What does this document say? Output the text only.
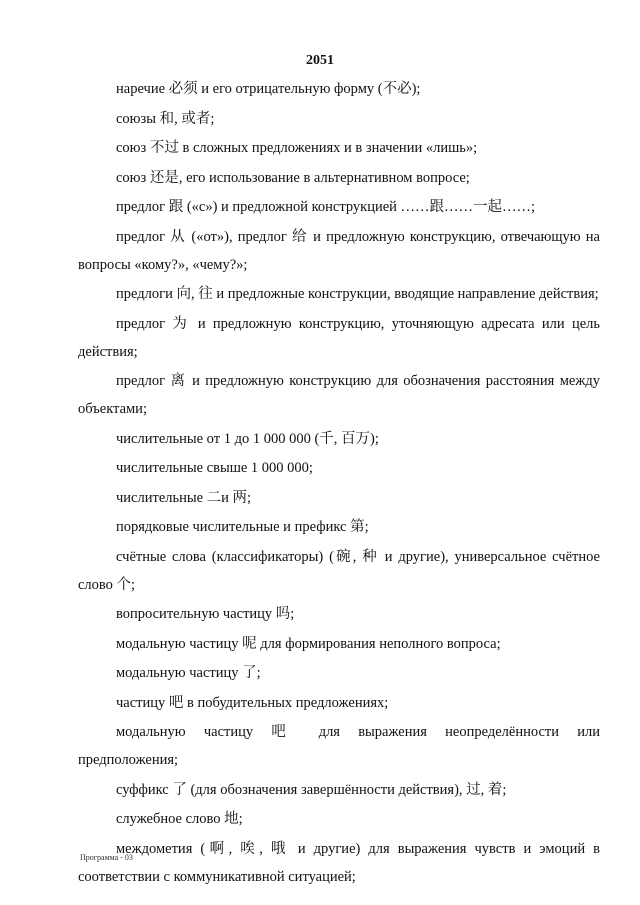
2051

наречие 必须 и его отрицательную форму (不必);

союзы 和, 或者;

союз 不过 в сложных предложениях и в значении «лишь»;

союз 还是, его использование в альтернативном вопросе;

предлог 跟 («с») и предложной конструкцией ……跟……一起……;

предлог 从 («от»), предлог 给 и предложную конструкцию, отвечающую на вопросы «кому?», «чему?»;

предлоги 向, 往 и предложные конструкции, вводящие направление действия;

предлог 为 и предложную конструкцию, уточняющую адресата или цель действия;

предлог 离 и предложную конструкцию для обозначения расстояния между объектами;

числительные от 1 до 1 000 000 (千, 百万);

числительные свыше 1 000 000;

числительные 二и 两;

порядковые числительные и префикс 第;

счётные слова (классификаторы) (碗, 种 и другие), универсальное счётное слово 个;

вопросительную частицу 吗;

модальную частицу 呢 для формирования неполного вопроса;

модальную частицу 了;

частицу 吧 в побудительных предложениях;

модальную частицу 吧 для выражения неопределённости или предположения;

суффикс 了 (для обозначения завершённости действия), 过, 着;

служебное слово 地;

междометия (啊, 唉, 哦 и другие) для выражения чувств и эмоций в соответствии с коммуникативной ситуацией;

Программа - 03
